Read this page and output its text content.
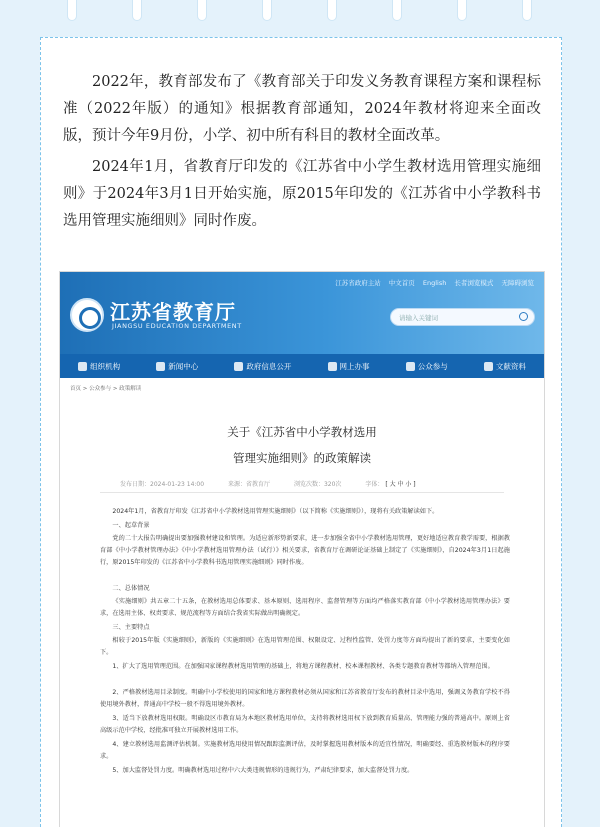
2022年，教育部发布了《教育部关于印发义务教育课程方案和课程标准（2022年版）的通知》根据教育部通知，2024年教材将迎来全面改版，预计今年9月份，小学、初中所有科目的教材全面改革。

2024年1月，省教育厅印发的《江苏省中小学生教材选用管理实施细则》于2024年3月1日开始实施，原2015年印发的《江苏省中小学教科书选用管理实施细则》同时作废。

江苏省政府主站 中文首页 English 长者浏览模式 无障碍浏览
江苏省教育厅
JIANGSU EDUCATION DEPARTMENT
请输入关键词
组织机构	新闻中心	政府信息公开	网上办事	公众参与	文献资料
首页 > 公众参与 > 政策解读
关于《江苏省中小学教材选用
管理实施细则》的政策解读
发布日期：2024-01-23 14:00	来源：省教育厅	浏览次数：320次	字体： [ 大 中 小 ]

2024年1月，省教育厅印发《江苏省中小学教材选用管理实施细则》（以下简称《实施细则》），现将有关政策解读如下。

一、起草背景

党的二十大报告明确提出要加强教材建设和管理。为适应新形势新要求，进一步加强全省中小学教材选用管理，更好地适应教育教学需要，根据教育部《中小学教材管理办法》《中小学教材选用管理办法（试行）》相关要求，省教育厅在调研论证基础上制定了《实施细则》，自2024年3月1日起施行，原2015年印发的《江苏省中小学教科书选用管理实施细则》同时作废。

二、总体情况

《实施细则》共五章二十五条，在教材选用总体要求、基本原则、选用程序、监督管理等方面均严格落实教育部《中小学教材选用管理办法》要求，在选用主体、权责要求、规范流程等方面结合我省实际做出明确规定。

三、主要特点

相较于2015年版《实施细则》，新版的《实施细则》在选用管理范围、权限设定、过程性监管、处罚力度等方面均提出了新的要求，主要变化如下。

1、扩大了选用管理范围。在加强国家课程教材选用管理的基础上，将地方课程教材、校本课程教材、各类专题教育教材等都纳入管理范围。

2、严格教材选用目录制度。明确中小学校使用的国家和地方课程教材必须从国家和江苏省教育厅发布的教材目录中选用，强调义务教育学校不得使用境外教材，普通高中学校一般不得选用境外教材。

3、适当下放教材选用权限。明确设区市教育局为本地区教材选用单位，支持将教材选用权下放到教育质量高、管理能力强的普通高中。原则上省高级示范中学校，经批准可独立开展教材选用工作。

4、建立教材选用监测评估机制。实施教材选用使用情况跟踪监测评估，及时掌握选用教材版本的适宜性情况，明确要经、重选教材版本的程序要求。

5、加大监督处罚力度。明确教材选用过程中六大类违规情形的违规行为，严肃纪律要求，加大监督处罚力度。
